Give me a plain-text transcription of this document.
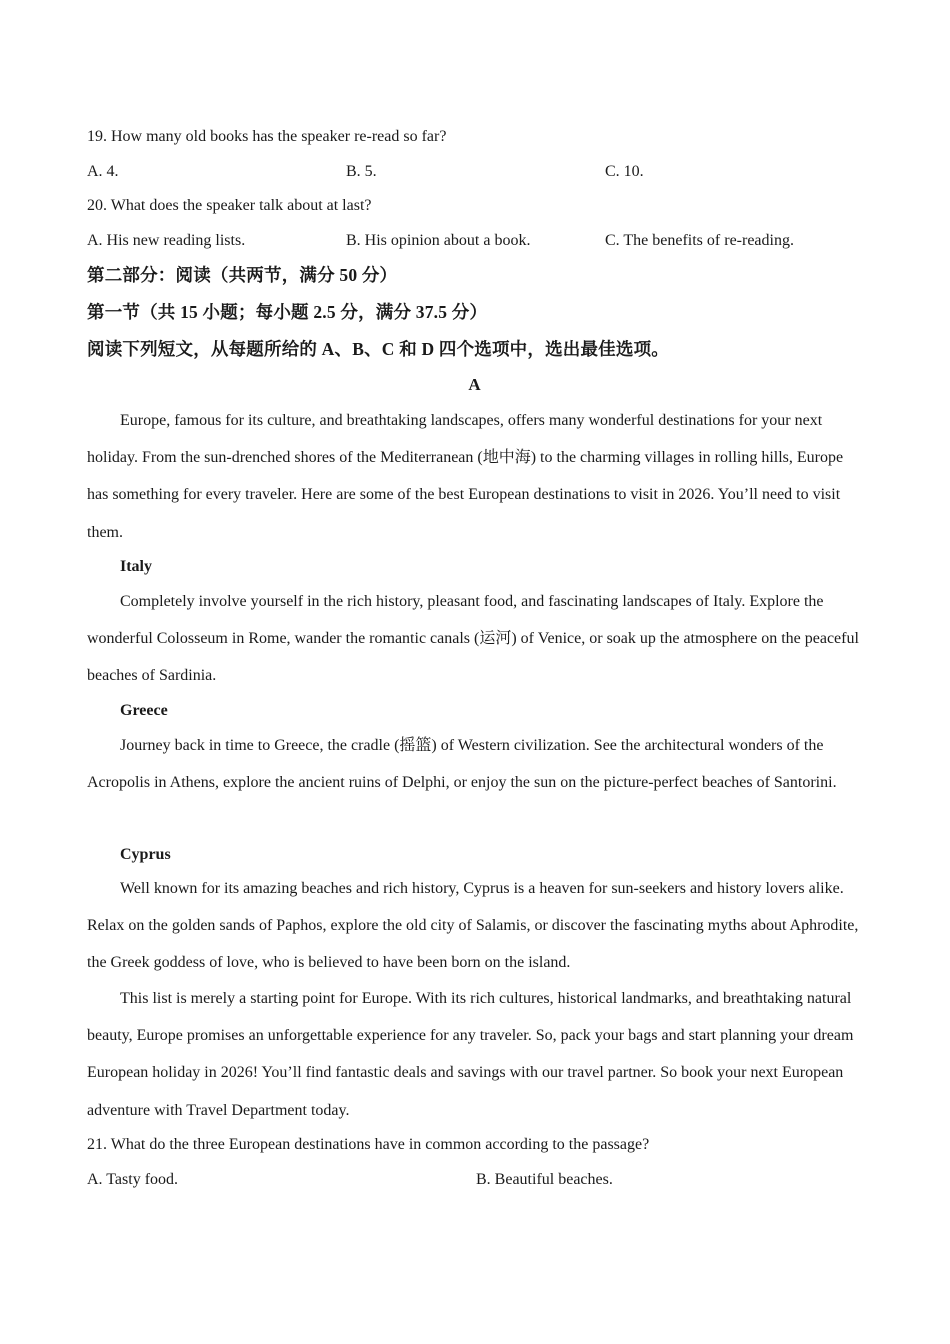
19. How many old books has the speaker re-read so far?
A. 4.	B. 5.	C. 10.
20. What does the speaker talk about at last?
A. His new reading lists.	B. His opinion about a book.	C. The benefits of re-reading.
第二部分：阅读（共两节，满分 50 分）
第一节（共 15 小题；每小题 2.5 分，满分 37.5 分）
阅读下列短文，从每题所给的 A、B、C 和 D 四个选项中，选出最佳选项。
A
Europe, famous for its culture, and breathtaking landscapes, offers many wonderful destinations for your next holiday. From the sun-drenched shores of the Mediterranean (地中海) to the charming villages in rolling hills, Europe has something for every traveler. Here are some of the best European destinations to visit in 2026. You’ll need to visit them.
Italy
Completely involve yourself in the rich history, pleasant food, and fascinating landscapes of Italy. Explore the wonderful Colosseum in Rome, wander the romantic canals (运河) of Venice, or soak up the atmosphere on the peaceful beaches of Sardinia.
Greece
Journey back in time to Greece, the cradle (摇篮) of Western civilization. See the architectural wonders of the Acropolis in Athens, explore the ancient ruins of Delphi, or enjoy the sun on the picture-perfect beaches of Santorini.
Cyprus
Well known for its amazing beaches and rich history, Cyprus is a heaven for sun-seekers and history lovers alike. Relax on the golden sands of Paphos, explore the old city of Salamis, or discover the fascinating myths about Aphrodite, the Greek goddess of love, who is believed to have been born on the island.
This list is merely a starting point for Europe. With its rich cultures, historical landmarks, and breathtaking natural beauty, Europe promises an unforgettable experience for any traveler. So, pack your bags and start planning your dream European holiday in 2026! You’ll find fantastic deals and savings with our travel partner. So book your next European adventure with Travel Department today.
21. What do the three European destinations have in common according to the passage?
A. Tasty food.	B. Beautiful beaches.
